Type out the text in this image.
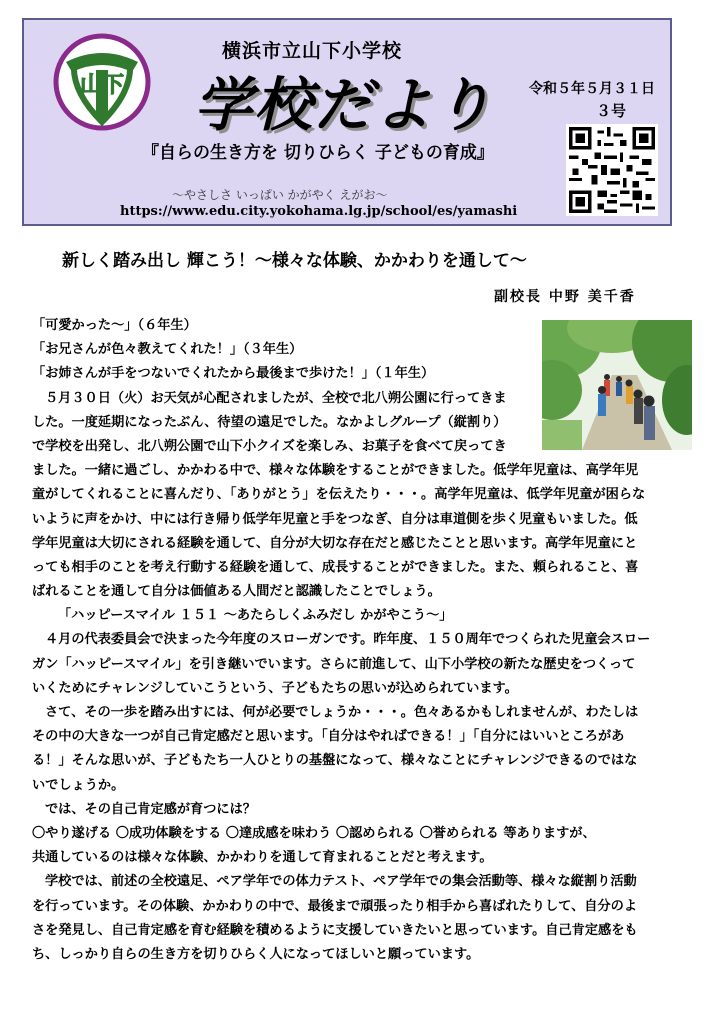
山下
横浜市立山下小学校
学校だより 令和５年５月３１日
３号
『自らの生き方を 切りひらく 子どもの育成』
～やさしさ いっぱい かがやく えがお～
https://www.edu.city.yokohama.lg.jp/school/es/yamashi
新しく踏み出し 輝こう！～様々な体験、かかわりを通して～
副校長 中野 美千香
「可愛かった～」（６年生）
「お兄さんが色々教えてくれた！」（３年生）
「お姉さんが手をつないでくれたから最後まで歩けた！」（１年生）
５月３０日（火）お天気が心配されましたが、全校で北八朔公園に行ってきま
した。一度延期になったぶん、待望の遠足でした。なかよしグループ（縦割り）
で学校を出発し、北八朔公園で山下小クイズを楽しみ、お菓子を食べて戻ってき
ました。一緒に過ごし、かかわる中で、様々な体験をすることができました。低学年児童は、高学年児
童がしてくれることに喜んだり、「ありがとう」を伝えたり・・・。高学年児童は、低学年児童が困らな
いように声をかけ、中には行き帰り低学年児童と手をつなぎ、自分は車道側を歩く児童もいました。低
学年児童は大切にされる経験を通して、自分が大切な存在だと感じたことと思います。高学年児童にと
っても相手のことを考え行動する経験を通して、成長することができました。また、頼られること、喜
ばれることを通して自分は価値ある人間だと認識したことでしょう。
「ハッピースマイル １５１ ～あたらしくふみだし かがやこう～」
４月の代表委員会で決まった今年度のスローガンです。昨年度、１５０周年でつくられた児童会スロー
ガン「ハッピースマイル」を引き継いでいます。さらに前進して、山下小学校の新たな歴史をつくって
いくためにチャレンジしていこうという、子どもたちの思いが込められています。
さて、その一歩を踏み出すには、何が必要でしょうか・・・。色々あるかもしれませんが、わたしは
その中の大きな一つが自己肯定感だと思います。「自分はやればできる！」「自分にはいいところがあ
る！」そんな思いが、子どもたち一人ひとりの基盤になって、様々なことにチャレンジできるのではな
いでしょうか。
では、その自己肯定感が育つには？
〇やり遂げる 〇成功体験をする 〇達成感を味わう 〇認められる 〇誉められる 等ありますが、
共通しているのは様々な体験、かかわりを通して育まれることだと考えます。
学校では、前述の全校遠足、ペア学年での体力テスト、ペア学年での集会活動等、様々な縦割り活動
を行っています。その体験、かかわりの中で、最後まで頑張ったり相手から喜ばれたりして、自分のよ
さを発見し、自己肯定感を育む経験を積めるように支援していきたいと思っています。自己肯定感をも
ち、しっかり自らの生き方を切りひらく人になってほしいと願っています。
